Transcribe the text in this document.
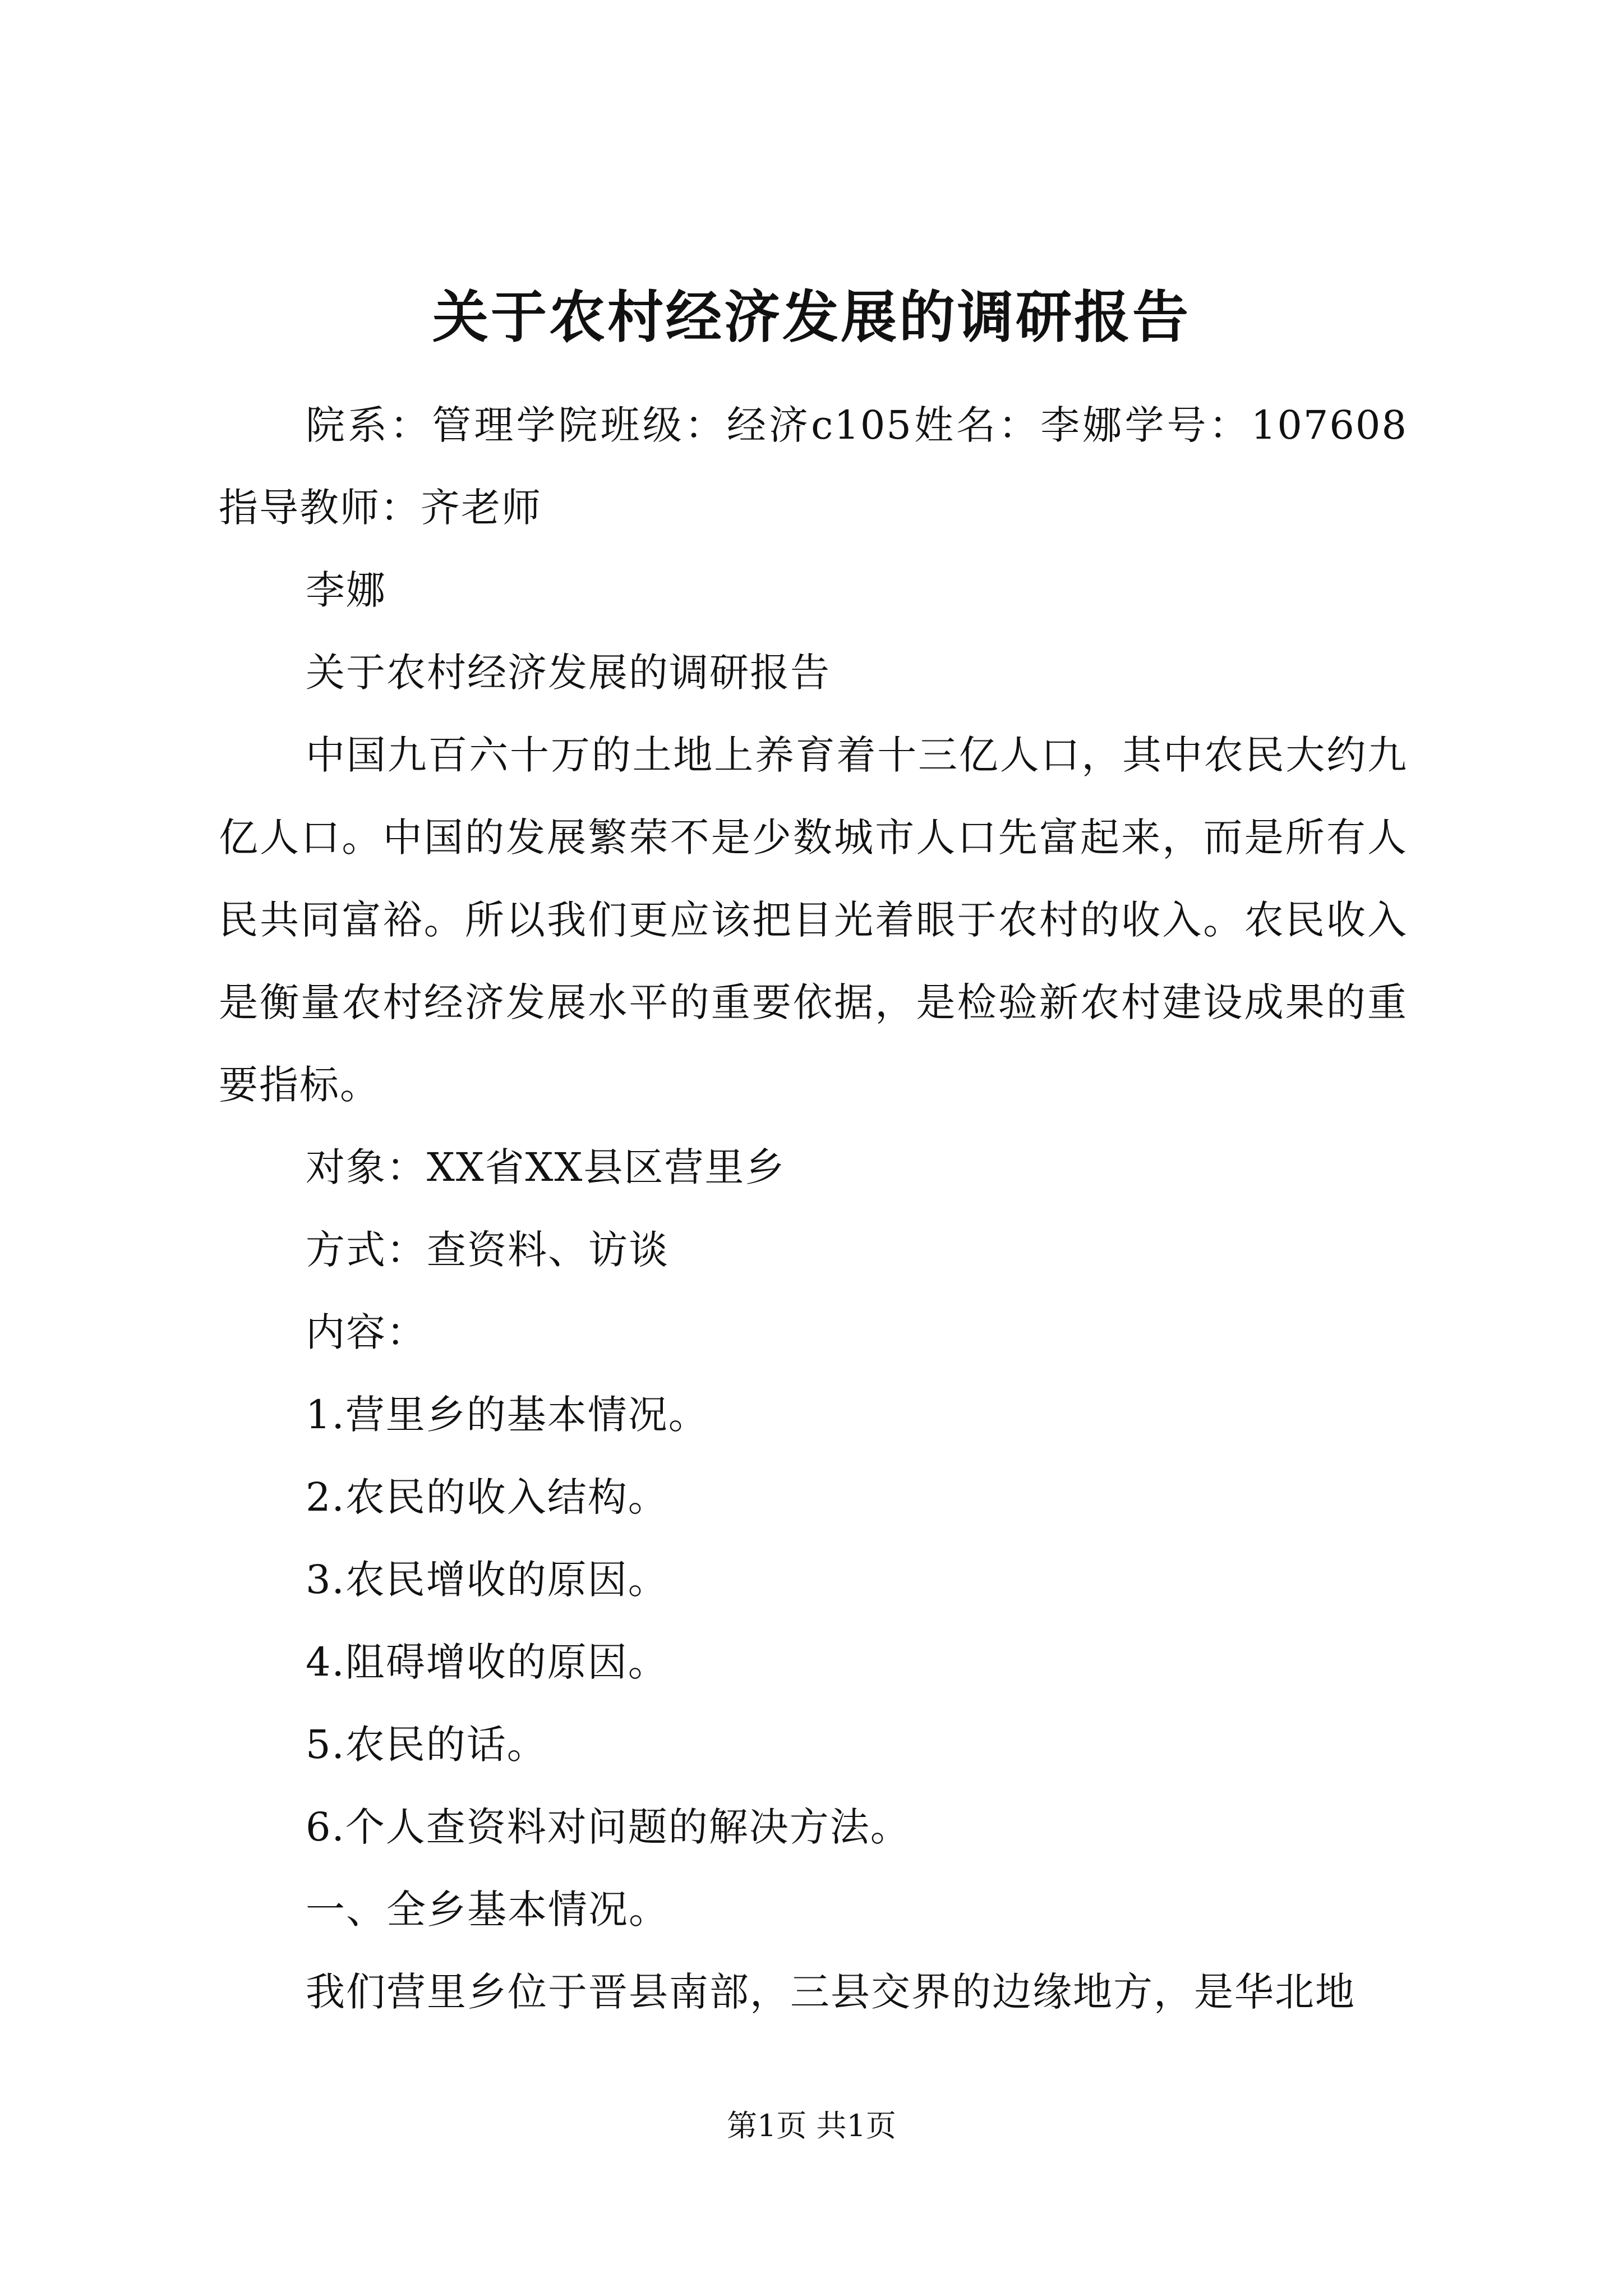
关于农村经济发展的调研报告

院系：管理学院班级：经济c105姓名：李娜学号：107608指导教师：齐老师

李娜

关于农村经济发展的调研报告

中国九百六十万的土地上养育着十三亿人口，其中农民大约九亿人口。中国的发展繁荣不是少数城市人口先富起来，而是所有人民共同富裕。所以我们更应该把目光着眼于农村的收入。农民收入是衡量农村经济发展水平的重要依据，是检验新农村建设成果的重要指标。

对象：XX省XX县区营里乡

方式：查资料、访谈

内容：

1.营里乡的基本情况。

2.农民的收入结构。

3.农民增收的原因。

4.阻碍增收的原因。

5.农民的话。

6.个人查资料对问题的解决方法。

一、全乡基本情况。

我们营里乡位于晋县南部，三县交界的边缘地方，是华北地

第1页 共1页
